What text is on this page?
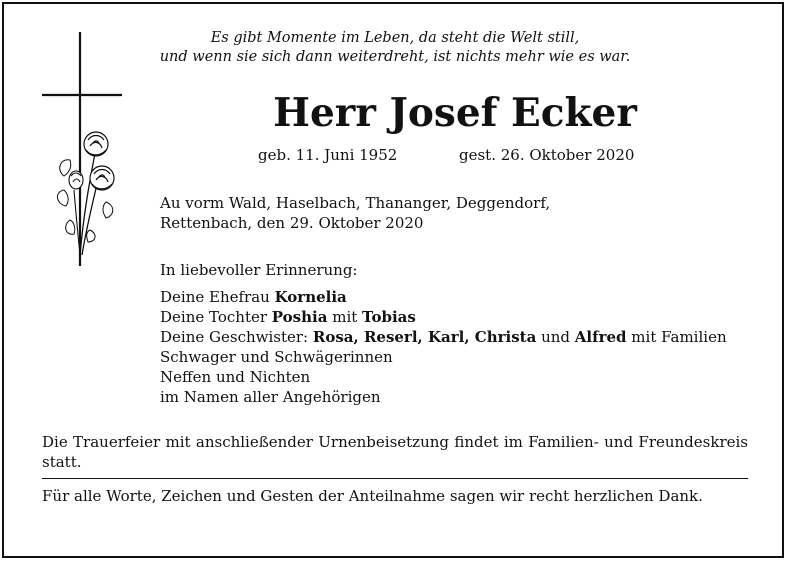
Es gibt Momente im Leben, da steht die Welt still,
und wenn sie sich dann weiterdreht, ist nichts mehr wie es war.
Herr Josef Ecker
geb. 11. Juni 1952	gest. 26. Oktober 2020
Au vorm Wald, Haselbach, Thananger, Deggendorf,
Rettenbach, den 29. Oktober 2020
In liebevoller Erinnerung:
Deine Ehefrau Kornelia
Deine Tochter Poshia mit Tobias
Deine Geschwister: Rosa, Reserl, Karl, Christa und Alfred mit Familien
Schwager und Schwägerinnen
Neffen und Nichten
im Namen aller Angehörigen
Die Trauerfeier mit anschließender Urnenbeisetzung findet im Familien- und Freundeskreis statt.
Für alle Worte, Zeichen und Gesten der Anteilnahme sagen wir recht herzlichen Dank.
